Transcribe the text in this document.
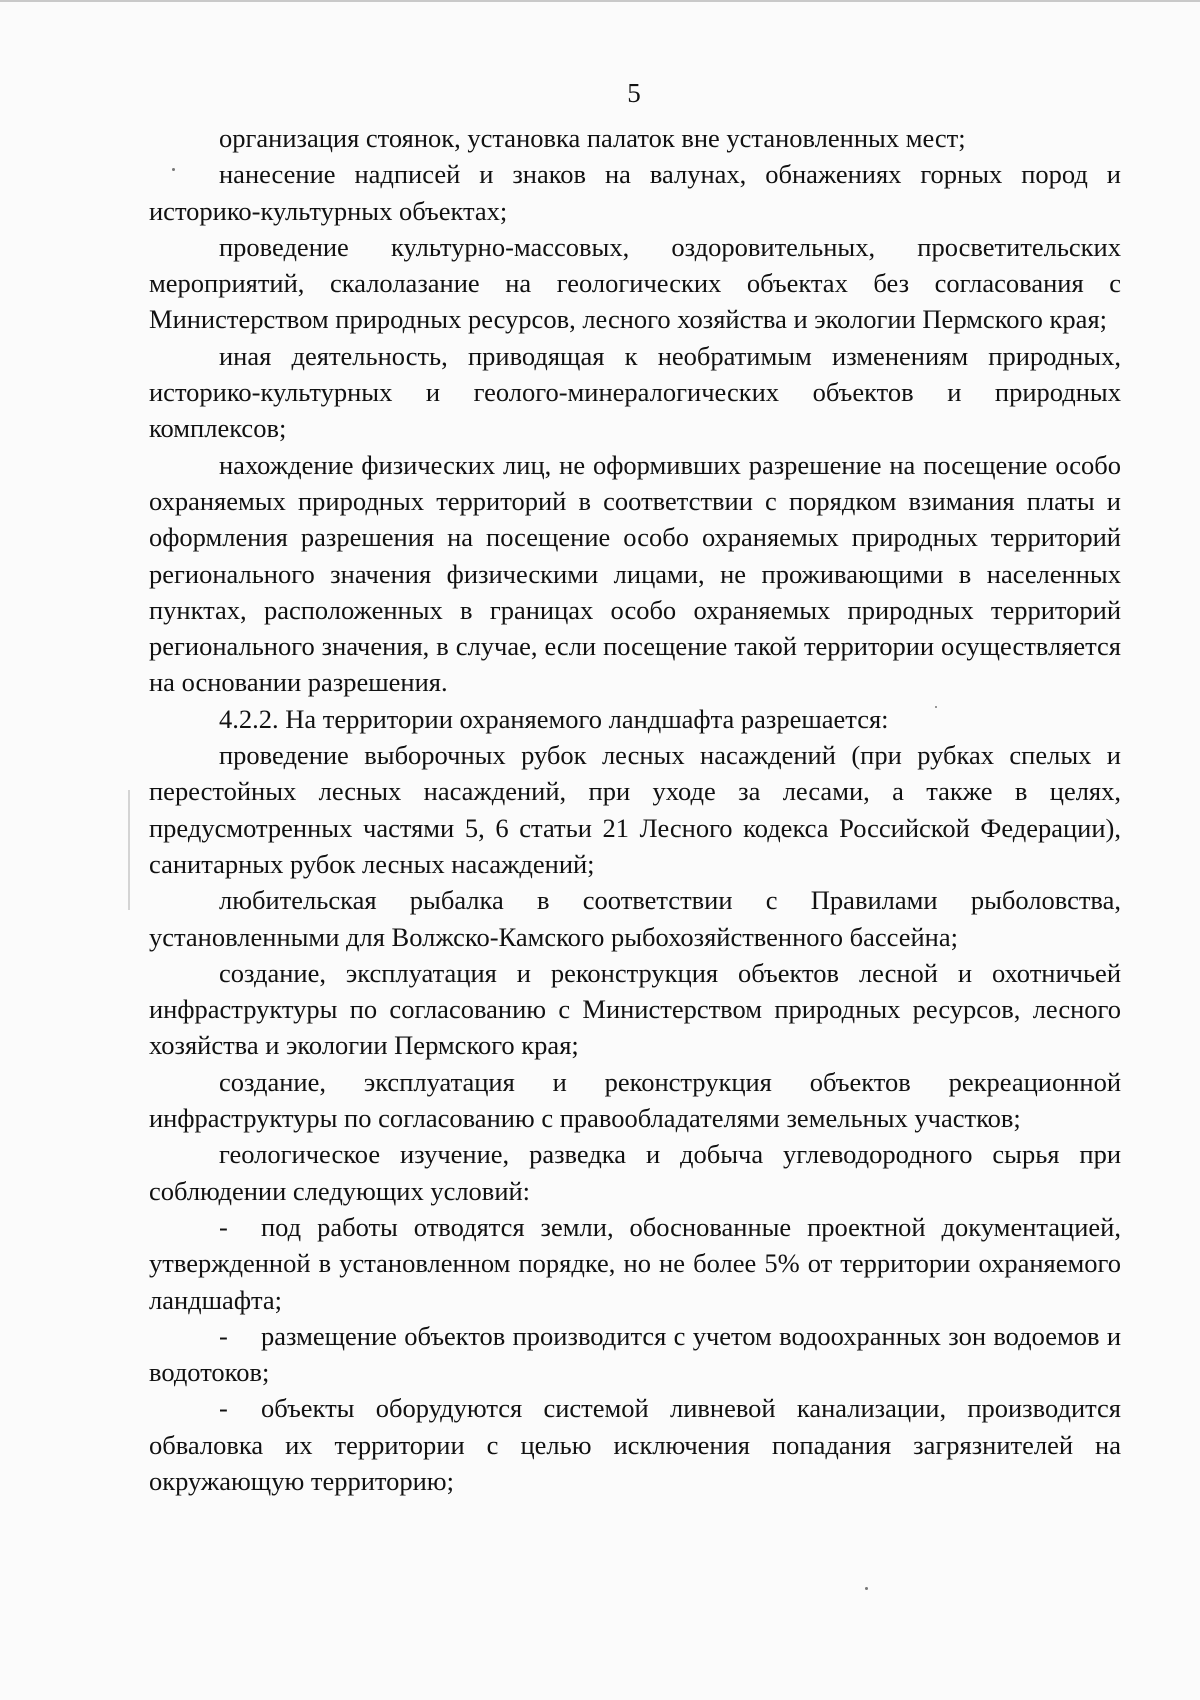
5

организация стоянок, установка палаток вне установленных мест;

нанесение надписей и знаков на валунах, обнажениях горных пород и историко-культурных объектах;

проведение культурно-массовых, оздоровительных, просветительских мероприятий, скалолазание на геологических объектах без согласования с Министерством природных ресурсов, лесного хозяйства и экологии Пермского края;

иная деятельность, приводящая к необратимым изменениям природных, историко-культурных и геолого-минералогических объектов и природных комплексов;

нахождение физических лиц, не оформивших разрешение на посещение особо охраняемых природных территорий в соответствии с порядком взимания платы и оформления разрешения на посещение особо охраняемых природных территорий регионального значения физическими лицами, не проживающими в населенных пунктах, расположенных в границах особо охраняемых природных территорий регионального значения, в случае, если посещение такой территории осуществляется на основании разрешения.

4.2.2. На территории охраняемого ландшафта разрешается:

проведение выборочных рубок лесных насаждений (при рубках спелых и перестойных лесных насаждений, при уходе за лесами, а также в целях, предусмотренных частями 5, 6 статьи 21 Лесного кодекса Российской Федерации), санитарных рубок лесных насаждений;

любительская рыбалка в соответствии с Правилами рыболовства, установленными для Волжско-Камского рыбохозяйственного бассейна;

создание, эксплуатация и реконструкция объектов лесной и охотничьей инфраструктуры по согласованию с Министерством природных ресурсов, лесного хозяйства и экологии Пермского края;

создание, эксплуатация и реконструкция объектов рекреационной инфраструктуры по согласованию с правообладателями земельных участков;

геологическое изучение, разведка и добыча углеводородного сырья при соблюдении следующих условий:

- под работы отводятся земли, обоснованные проектной документацией, утвержденной в установленном порядке, но не более 5% от территории охраняемого ландшафта;

- размещение объектов производится с учетом водоохранных зон водоемов и водотоков;

- объекты оборудуются системой ливневой канализации, производится обваловка их территории с целью исключения попадания загрязнителей на окружающую территорию;
